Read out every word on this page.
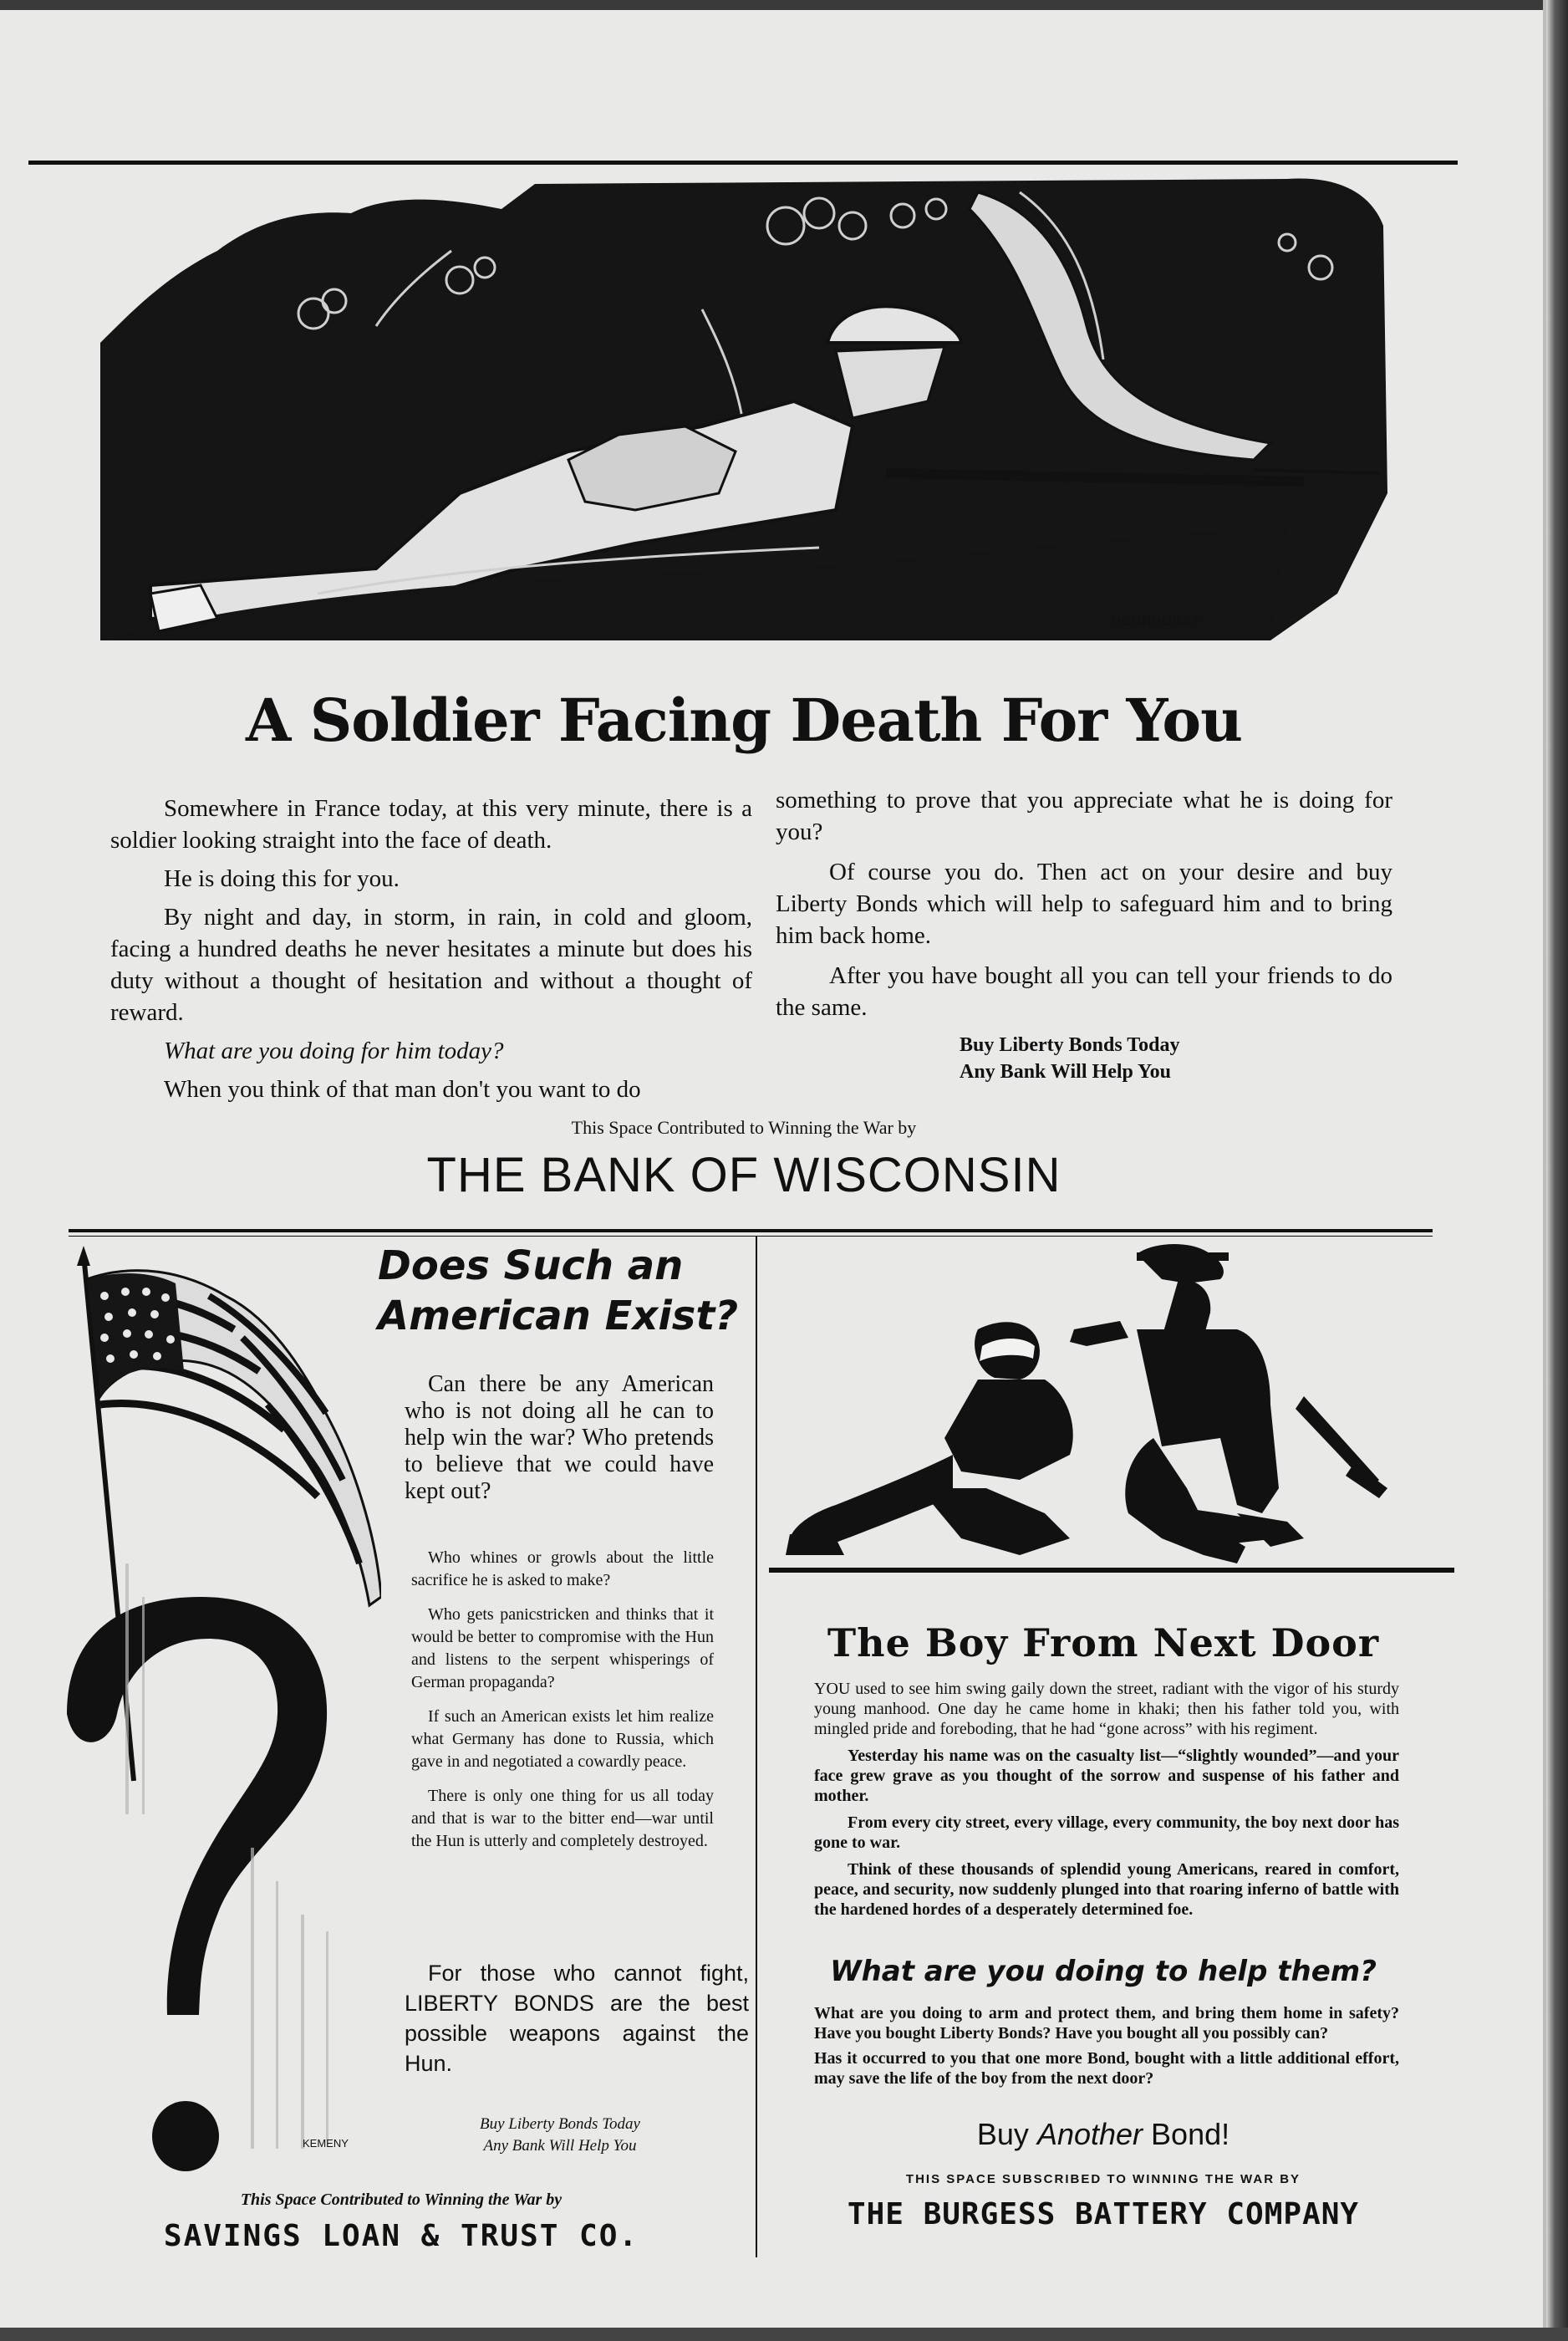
HOHNHORST
A Soldier Facing Death For You

Somewhere in France today, at this very minute, there is a soldier looking straight into the face of death.

He is doing this for you.

By night and day, in storm, in rain, in cold and gloom, facing a hundred deaths he never hesitates a minute but does his duty without a thought of hesitation and without a thought of reward.

What are you doing for him today?

When you think of that man don't you want to do

something to prove that you appreciate what he is doing for you?

Of course you do. Then act on your desire and buy Liberty Bonds which will help to safeguard him and to bring him back home.

After you have bought all you can tell your friends to do the same.

Buy Liberty Bonds Today

Any Bank Will Help You

This Space Contributed to Winning the War by
THE BANK OF WISCONSIN
KEMENY
Does Such an
American Exist?
Can there be any American who is not doing all he can to help win the war? Who pretends to believe that we could have kept out?

Who whines or growls about the little sacrifice he is asked to make?

Who gets panicstricken and thinks that it would be better to compromise with the Hun and listens to the serpent whisperings of German propaganda?

If such an American exists let him realize what Germany has done to Russia, which gave in and negotiated a cowardly peace.

There is only one thing for us all today and that is war to the bitter end—war until the Hun is utterly and completely destroyed.

For those who cannot fight, LIBERTY BONDS are the best possible weapons against the Hun.
Buy Liberty Bonds Today
Any Bank Will Help You
This Space Contributed to Winning the War by
SAVINGS LOAN & TRUST CO.
The Boy From Next Door

YOU used to see him swing gaily down the street, radiant with the vigor of his sturdy young manhood. One day he came home in khaki; then his father told you, with mingled pride and foreboding, that he had “gone across” with his regiment.

Yesterday his name was on the casualty list—“slightly wounded”—and your face grew grave as you thought of the sorrow and suspense of his father and mother.

From every city street, every village, every community, the boy next door has gone to war.

Think of these thousands of splendid young Americans, reared in comfort, peace, and security, now suddenly plunged into that roaring inferno of battle with the hardened hordes of a desperately determined foe.

What are you doing to help them?

What are you doing to arm and protect them, and bring them home in safety? Have you bought Liberty Bonds? Have you bought all you possibly can?

Has it occurred to you that one more Bond, bought with a little additional effort, may save the life of the boy from the next door?

Buy Another Bond!
THIS SPACE SUBSCRIBED TO WINNING THE WAR BY
THE BURGESS BATTERY COMPANY
